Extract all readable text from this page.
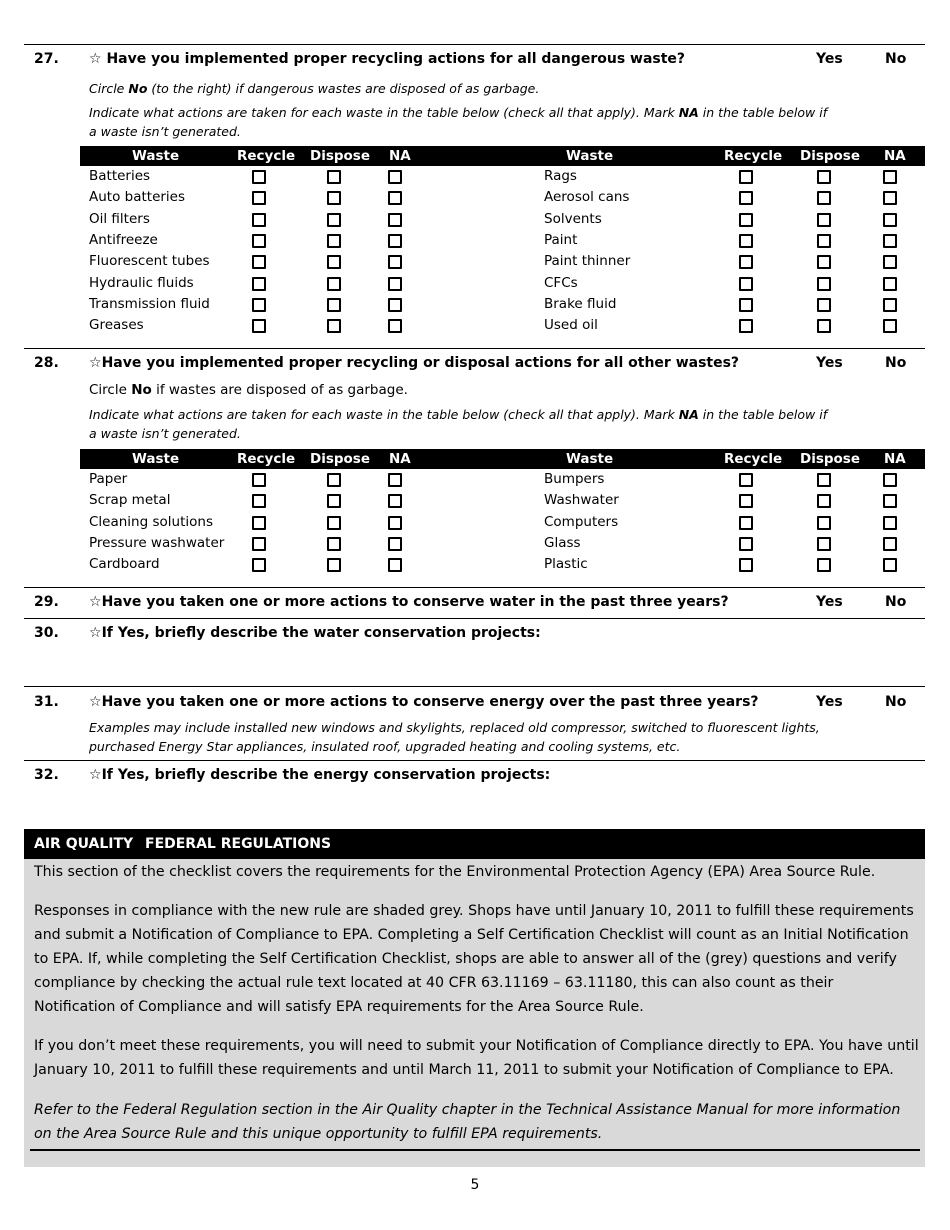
27. ☆ Have you implemented proper recycling actions for all dangerous waste?	Yes	No
Circle No (to the right) if dangerous wastes are disposed of as garbage.
Indicate what actions are taken for each waste in the table below (check all that apply). Mark NA in the table below if a waste isn’t generated.
Waste	Recycle Dispose NA	Waste	Recycle Dispose NA
Batteries	Rags
Auto batteries	Aerosol cans
Oil filters	Solvents
Antifreeze	Paint
Fluorescent tubes	Paint thinner
Hydraulic fluids	CFCs
Transmission fluid	Brake fluid
Greases	Used oil
28. ☆Have you implemented proper recycling or disposal actions for all other wastes?	Yes	No
Circle No if wastes are disposed of as garbage.
Indicate what actions are taken for each waste in the table below (check all that apply). Mark NA in the table below if a waste isn’t generated.
Waste	Recycle Dispose NA	Waste	Recycle Dispose NA
Paper	Bumpers
Scrap metal	Washwater
Cleaning solutions	Computers
Pressure washwater	Glass
Cardboard	Plastic
29. ☆Have you taken one or more actions to conserve water in the past three years?	Yes	No
30. ☆If Yes, briefly describe the water conservation projects:
31. ☆Have you taken one or more actions to conserve energy over the past three years?	Yes	No
Examples may include installed new windows and skylights, replaced old compressor, switched to fluorescent lights, purchased Energy Star appliances, insulated roof, upgraded heating and cooling systems, etc.
32. ☆If Yes, briefly describe the energy conservation projects:
AIR QUALITY FEDERAL REGULATIONS

This section of the checklist covers the requirements for the Environmental Protection Agency (EPA) Area Source Rule.

Responses in compliance with the new rule are shaded grey. Shops have until January 10, 2011 to fulfill these requirements and submit a Notification of Compliance to EPA. Completing a Self Certification Checklist will count as an Initial Notification to EPA. If, while completing the Self Certification Checklist, shops are able to answer all of the (grey) questions and verify compliance by checking the actual rule text located at 40 CFR 63.11169 – 63.11180, this can also count as their Notification of Compliance and will satisfy EPA requirements for the Area Source Rule.

If you don’t meet these requirements, you will need to submit your Notification of Compliance directly to EPA. You have until January 10, 2011 to fulfill these requirements and until March 11, 2011 to submit your Notification of Compliance to EPA.

Refer to the Federal Regulation section in the Air Quality chapter in the Technical Assistance Manual for more information on the Area Source Rule and this unique opportunity to fulfill EPA requirements.

5
